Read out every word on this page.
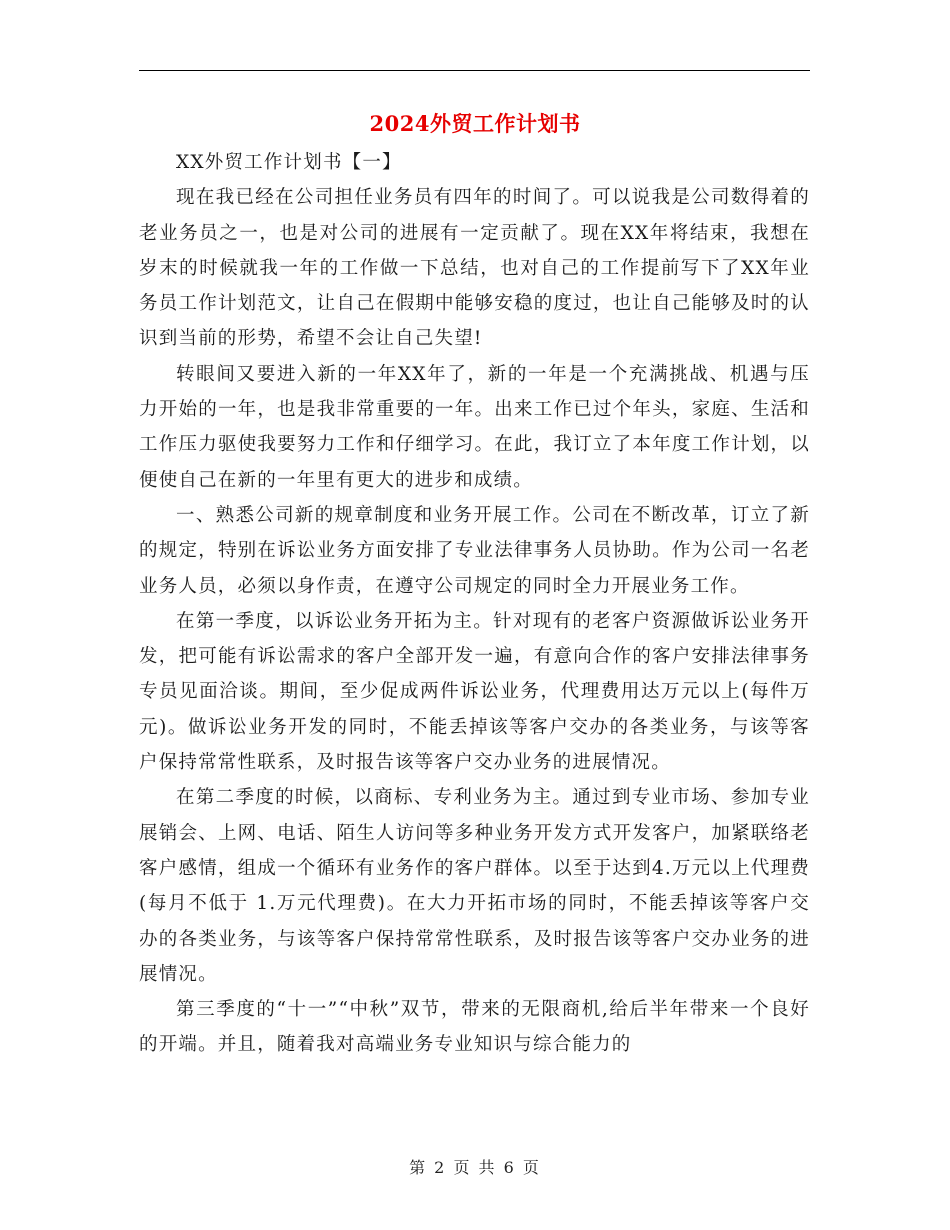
2024外贸工作计划书

XX外贸工作计划书【一】

现在我已经在公司担任业务员有四年的时间了。可以说我是公司数得着的老业务员之一，也是对公司的进展有一定贡献了。现在XX年将结束，我想在岁末的时候就我一年的工作做一下总结，也对自己的工作提前写下了XX年业务员工作计划范文，让自己在假期中能够安稳的度过，也让自己能够及时的认识到当前的形势，希望不会让自己失望!

转眼间又要进入新的一年XX年了，新的一年是一个充满挑战、机遇与压力开始的一年，也是我非常重要的一年。出来工作已过个年头，家庭、生活和工作压力驱使我要努力工作和仔细学习。在此，我订立了本年度工作计划，以便使自己在新的一年里有更大的进步和成绩。

一、熟悉公司新的规章制度和业务开展工作。公司在不断改革，订立了新的规定，特别在诉讼业务方面安排了专业法律事务人员协助。作为公司一名老业务人员，必须以身作责，在遵守公司规定的同时全力开展业务工作。

在第一季度，以诉讼业务开拓为主。针对现有的老客户资源做诉讼业务开发，把可能有诉讼需求的客户全部开发一遍，有意向合作的客户安排法律事务专员见面洽谈。期间，至少促成两件诉讼业务，代理费用达万元以上(每件万元)。做诉讼业务开发的同时，不能丢掉该等客户交办的各类业务，与该等客户保持常常性联系，及时报告该等客户交办业务的进展情况。

在第二季度的时候，以商标、专利业务为主。通过到专业市场、参加专业展销会、上网、电话、陌生人访问等多种业务开发方式开发客户，加紧联络老客户感情，组成一个循环有业务作的客户群体。以至于达到4.万元以上代理费(每月不低于 1.万元代理费)。在大力开拓市场的同时，不能丢掉该等客户交办的各类业务，与该等客户保持常常性联系，及时报告该等客户交办业务的进展情况。

第三季度的“十一”“中秋”双节，带来的无限商机,给后半年带来一个良好的开端。并且，随着我对高端业务专业知识与综合能力的

第 2 页 共 6 页
